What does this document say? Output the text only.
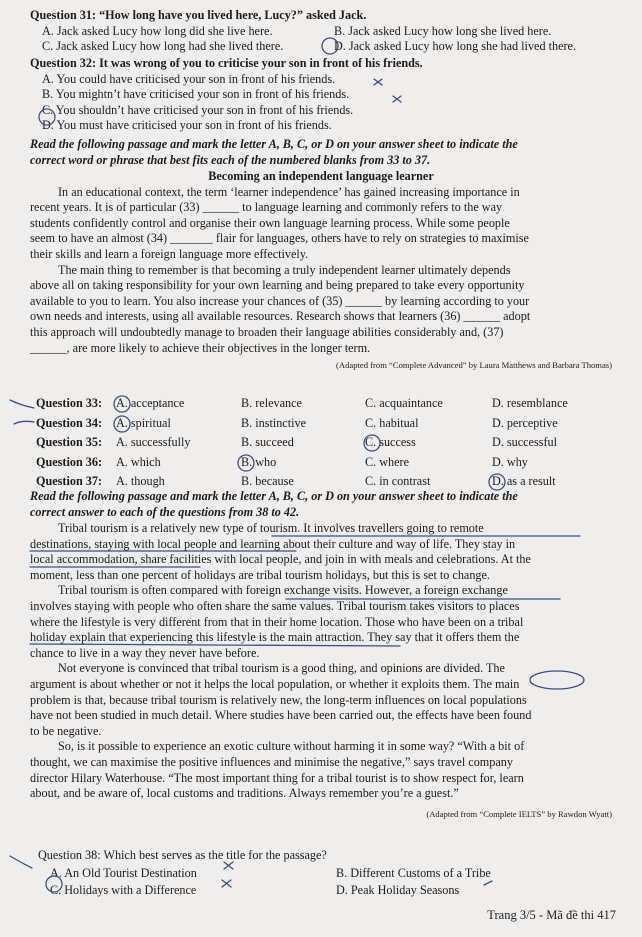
Question 31: “How long have you lived here, Lucy?” asked Jack.
A. Jack asked Lucy how long did she live here.	B. Jack asked Lucy how long she lived here.
C. Jack asked Lucy how long had she lived there.	D. Jack asked Lucy how long she had lived there.
Question 32: It was wrong of you to criticise your son in front of his friends.
A. You could have criticised your son in front of his friends.
B. You mightn’t have criticised your son in front of his friends.
C. You shouldn’t have criticised your son in front of his friends.
D. You must have criticised your son in front of his friends.
Read the following passage and mark the letter A, B, C, or D on your answer sheet to indicate the
correct word or phrase that best fits each of the numbered blanks from 33 to 37.
Becoming an independent language learner
In an educational context, the term ‘learner independence’ has gained increasing importance in
recent years. It is of particular (33) ______ to language learning and commonly refers to the way
students confidently control and organise their own language learning process. While some people
seem to have an almost (34) _______ flair for languages, others have to rely on strategies to maximise
their skills and learn a foreign language more effectively.
The main thing to remember is that becoming a truly independent learner ultimately depends
above all on taking responsibility for your own learning and being prepared to take every opportunity
available to you to learn. You also increase your chances of (35) ______ by learning according to your
own needs and interests, using all available resources. Research shows that learners (36) ______ adopt
this approach will undoubtedly manage to broaden their language abilities considerably and, (37)
______, are more likely to achieve their objectives in the longer term.
(Adapted from “Complete Advanced” by Laura Matthews and Barbara Thomas)
Question 33: A. acceptance	B. relevance	C. acquaintance	D. resemblance
Question 34: A. spiritual	B. instinctive	C. habitual	D. perceptive
Question 35: A. successfully	B. succeed	C. success	D. successful
Question 36: A. which	B. who	C. where	D. why
Question 37: A. though	B. because	C. in contrast	D. as a result
Read the following passage and mark the letter A, B, C, or D on your answer sheet to indicate the
correct answer to each of the questions from 38 to 42.
Tribal tourism is a relatively new type of tourism. It involves travellers going to remote
destinations, staying with local people and learning about their culture and way of life. They stay in
local accommodation, share facilities with local people, and join in with meals and celebrations. At the
moment, less than one percent of holidays are tribal tourism holidays, but this is set to change.
Tribal tourism is often compared with foreign exchange visits. However, a foreign exchange
involves staying with people who often share the same values. Tribal tourism takes visitors to places
where the lifestyle is very different from that in their home location. Those who have been on a tribal
holiday explain that experiencing this lifestyle is the main attraction. They say that it offers them the
chance to live in a way they never have before.
Not everyone is convinced that tribal tourism is a good thing, and opinions are divided. The
argument is about whether or not it helps the local population, or whether it exploits them. The main
problem is that, because tribal tourism is relatively new, the long-term influences on local populations
have not been studied in much detail. Where studies have been carried out, the effects have been found
to be negative.
So, is it possible to experience an exotic culture without harming it in some way? “With a bit of
thought, we can maximise the positive influences and minimise the negative,” says travel company
director Hilary Waterhouse. “The most important thing for a tribal tourist is to show respect for, learn
about, and be aware of, local customs and traditions. Always remember you’re a guest.”
(Adapted from “Complete IELTS” by Rawdon Wyatt)
Question 38: Which best serves as the title for the passage?
A. An Old Tourist Destination	B. Different Customs of a Tribe
C. Holidays with a Difference	D. Peak Holiday Seasons
Trang 3/5 - Mã đề thi 417
